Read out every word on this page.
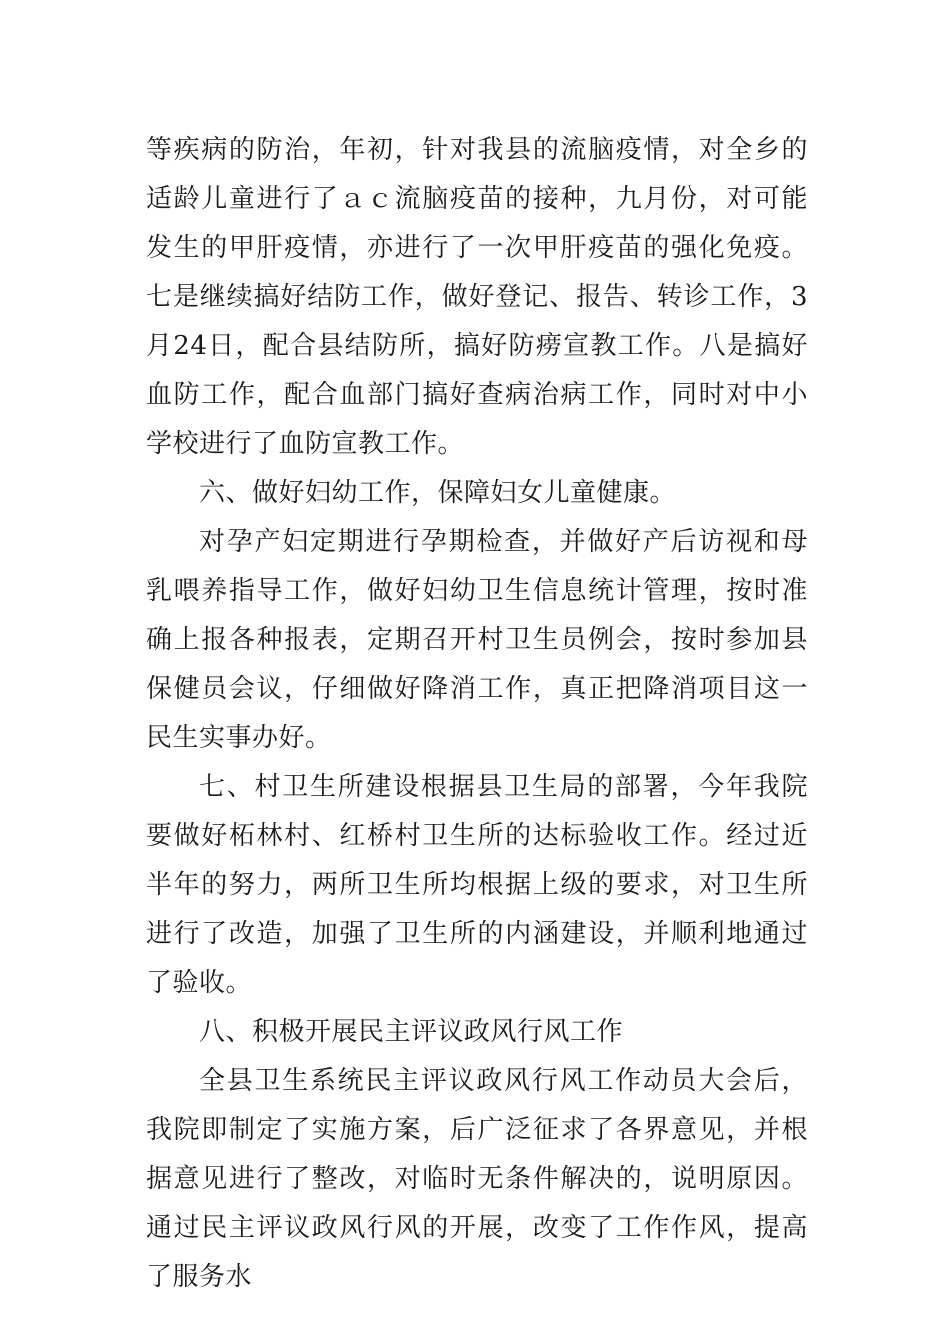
等疾病的防治，年初，针对我县的流脑疫情，对全乡的适龄儿童进行了ａｃ流脑疫苗的接种，九月份，对可能发生的甲肝疫情，亦进行了一次甲肝疫苗的强化免疫。七是继续搞好结防工作，做好登记、报告、转诊工作，3月24日，配合县结防所，搞好防痨宣教工作。八是搞好血防工作，配合血部门搞好查病治病工作，同时对中小学校进行了血防宣教工作。

六、做好妇幼工作，保障妇女儿童健康。

对孕产妇定期进行孕期检查，并做好产后访视和母乳喂养指导工作，做好妇幼卫生信息统计管理，按时准确上报各种报表，定期召开村卫生员例会，按时参加县保健员会议，仔细做好降消工作，真正把降消项目这一民生实事办好。

七、村卫生所建设根据县卫生局的部署，今年我院要做好柘林村、红桥村卫生所的达标验收工作。经过近半年的努力，两所卫生所均根据上级的要求，对卫生所进行了改造，加强了卫生所的内涵建设，并顺利地通过了验收。

八、积极开展民主评议政风行风工作

全县卫生系统民主评议政风行风工作动员大会后，我院即制定了实施方案，后广泛征求了各界意见，并根据意见进行了整改，对临时无条件解决的，说明原因。通过民主评议政风行风的开展，改变了工作作风，提高了服务水
